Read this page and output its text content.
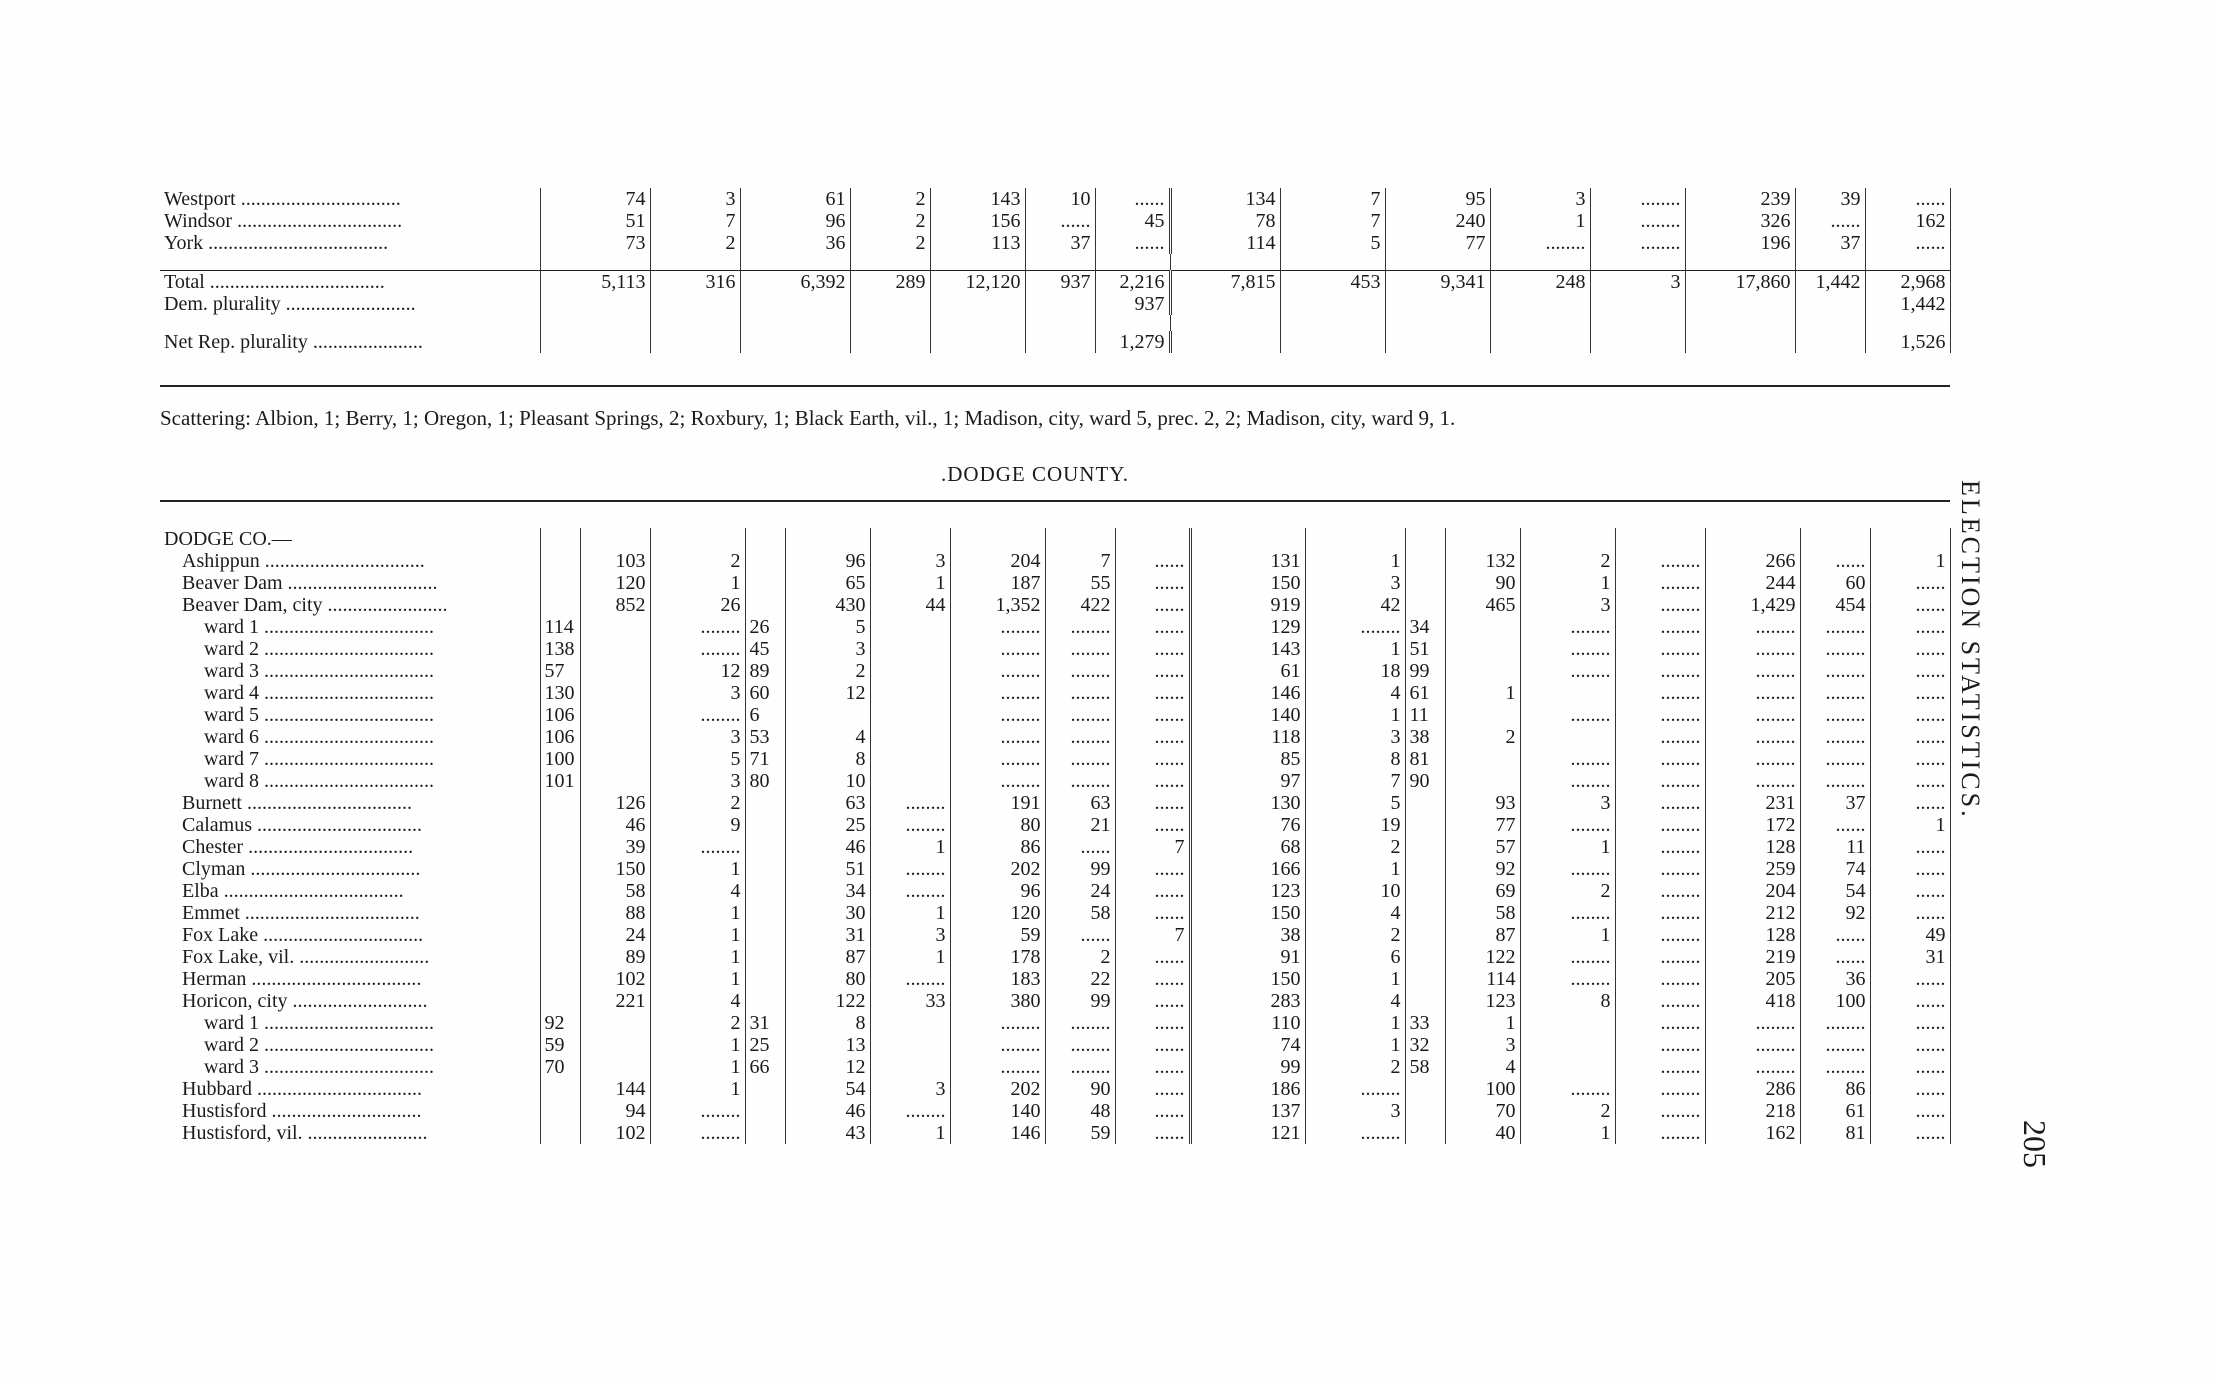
Westport ................................	74	3	61	2	143	10	......	134	7	95	3	........	239	39	......
Windsor .................................	51	7	96	2	156	......	45	78	7	240	1	........	326	......	162
York ....................................	73	2	36	2	113	37	......	114	5	77	........	........	196	37	......

Total ...................................	5,113	316	6,392	289	12,120	937	2,216	7,815	453	9,341	248	3	17,860	1,442	2,968
Dem. plurality ..........................							937								1,442

Net Rep. plurality ......................							1,279								1,526
Scattering: Albion, 1; Berry, 1; Oregon, 1; Pleasant Springs, 2; Roxbury, 1; Black Earth, vil., 1; Madison, city, ward 5, prec. 2, 2; Madison, city, ward 9, 1.
.DODGE COUNTY.
DODGE CO.—																		
Ashippun ................................		103	2		96	3	204	7	......	131	1		132	2	........	266	......	1
Beaver Dam ..............................		120	1		65	1	187	55	......	150	3		90	1	........	244	60	......
Beaver Dam, city ........................		852	26		430	44	1,352	422	......	919	42		465	3	........	1,429	454	......
ward 1 ..................................	114		........	26	5		........	........	......	129	........	34		........	........	........	........	......
ward 2 ..................................	138		........	45	3		........	........	......	143	1	51		........	........	........	........	......
ward 3 ..................................	57		12	89	2		........	........	......	61	18	99		........	........	........	........	......
ward 4 ..................................	130		3	60	12		........	........	......	146	4	61	1		........	........	........	......
ward 5 ..................................	106		........	6			........	........	......	140	1	11		........	........	........	........	......
ward 6 ..................................	106		3	53	4		........	........	......	118	3	38	2		........	........	........	......
ward 7 ..................................	100		5	71	8		........	........	......	85	8	81		........	........	........	........	......
ward 8 ..................................	101		3	80	10		........	........	......	97	7	90		........	........	........	........	......
Burnett .................................		126	2		63	........	191	63	......	130	5		93	3	........	231	37	......
Calamus .................................		46	9		25	........	80	21	......	76	19		77	........	........	172	......	1
Chester .................................		39	........		46	1	86	......	7	68	2		57	1	........	128	11	......
Clyman ..................................		150	1		51	........	202	99	......	166	1		92	........	........	259	74	......
Elba ....................................		58	4		34	........	96	24	......	123	10		69	2	........	204	54	......
Emmet ...................................		88	1		30	1	120	58	......	150	4		58	........	........	212	92	......
Fox Lake ................................		24	1		31	3	59	......	7	38	2		87	1	........	128	......	49
Fox Lake, vil. ..........................		89	1		87	1	178	2	......	91	6		122	........	........	219	......	31
Herman ..................................		102	1		80	........	183	22	......	150	1		114	........	........	205	36	......
Horicon, city ...........................		221	4		122	33	380	99	......	283	4		123	8	........	418	100	......
ward 1 ..................................	92		2	31	8		........	........	......	110	1	33	1		........	........	........	......
ward 2 ..................................	59		1	25	13		........	........	......	74	1	32	3		........	........	........	......
ward 3 ..................................	70		1	66	12		........	........	......	99	2	58	4		........	........	........	......
Hubbard .................................		144	1		54	3	202	90	......	186	........		100	........	........	286	86	......
Hustisford ..............................		94	........		46	........	140	48	......	137	3		70	2	........	218	61	......
Hustisford, vil. ........................		102	........		43	1	146	59	......	121	........		40	1	........	162	81	......
ELECTION STATISTICS.
205
